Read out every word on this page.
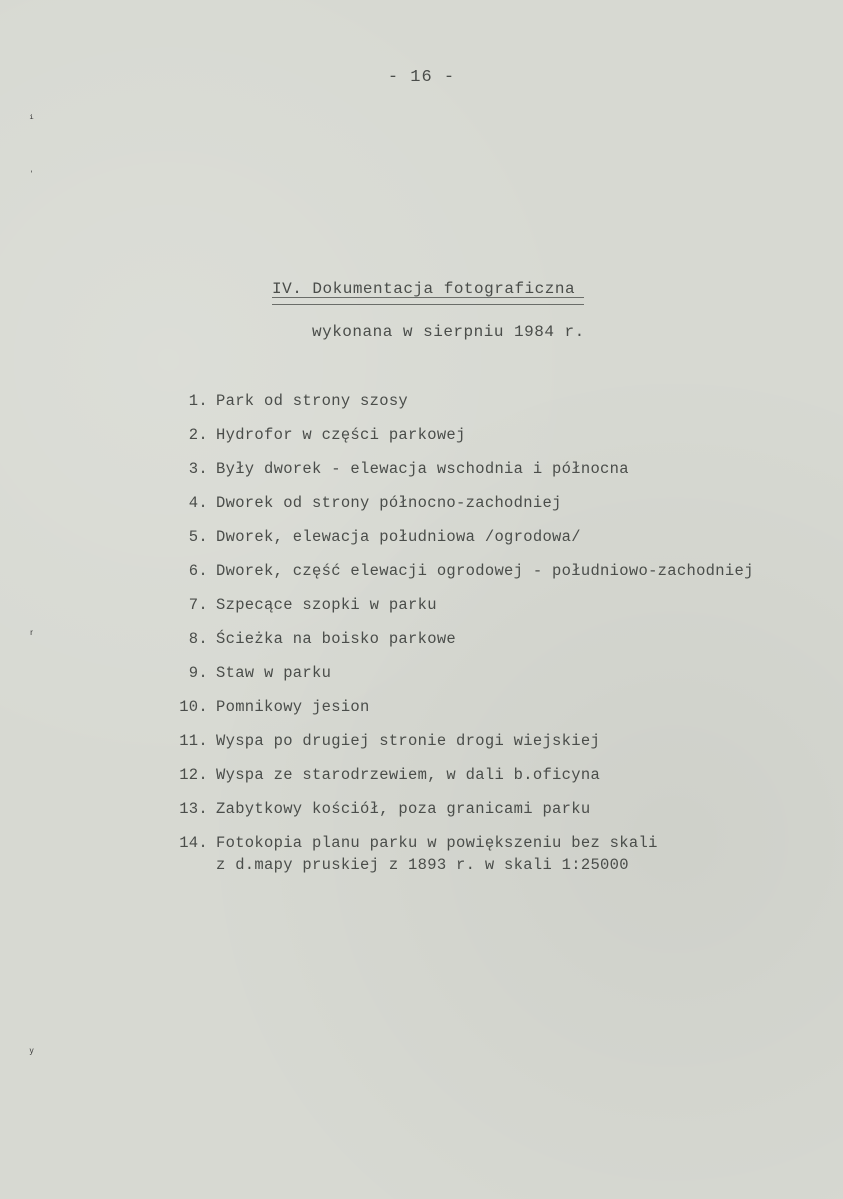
- 16 -
IV. Dokumentacja fotograficzna
wykonana w sierpniu 1984 r.
1. Park od strony szosy
2. Hydrofor w części parkowej
3. Były dworek - elewacja wschodnia i północna
4. Dworek od strony północno-zachodniej
5. Dworek, elewacja południowa /ogrodowa/
6. Dworek, część elewacji ogrodowej - południowo-zachodniej
7. Szpecące szopki w parku
8. Ścieżka na boisko parkowe
9. Staw w parku
10. Pomnikowy jesion
11. Wyspa po drugiej stronie drogi wiejskiej
12. Wyspa ze starodrzewiem, w dali b.oficyna
13. Zabytkowy kościół, poza granicami parku
14. Fotokopia planu parku w powiększeniu bez skali
z d.mapy pruskiej z 1893 r. w skali 1:25000
ⁱ
ˌ
ʳ
ʸ
